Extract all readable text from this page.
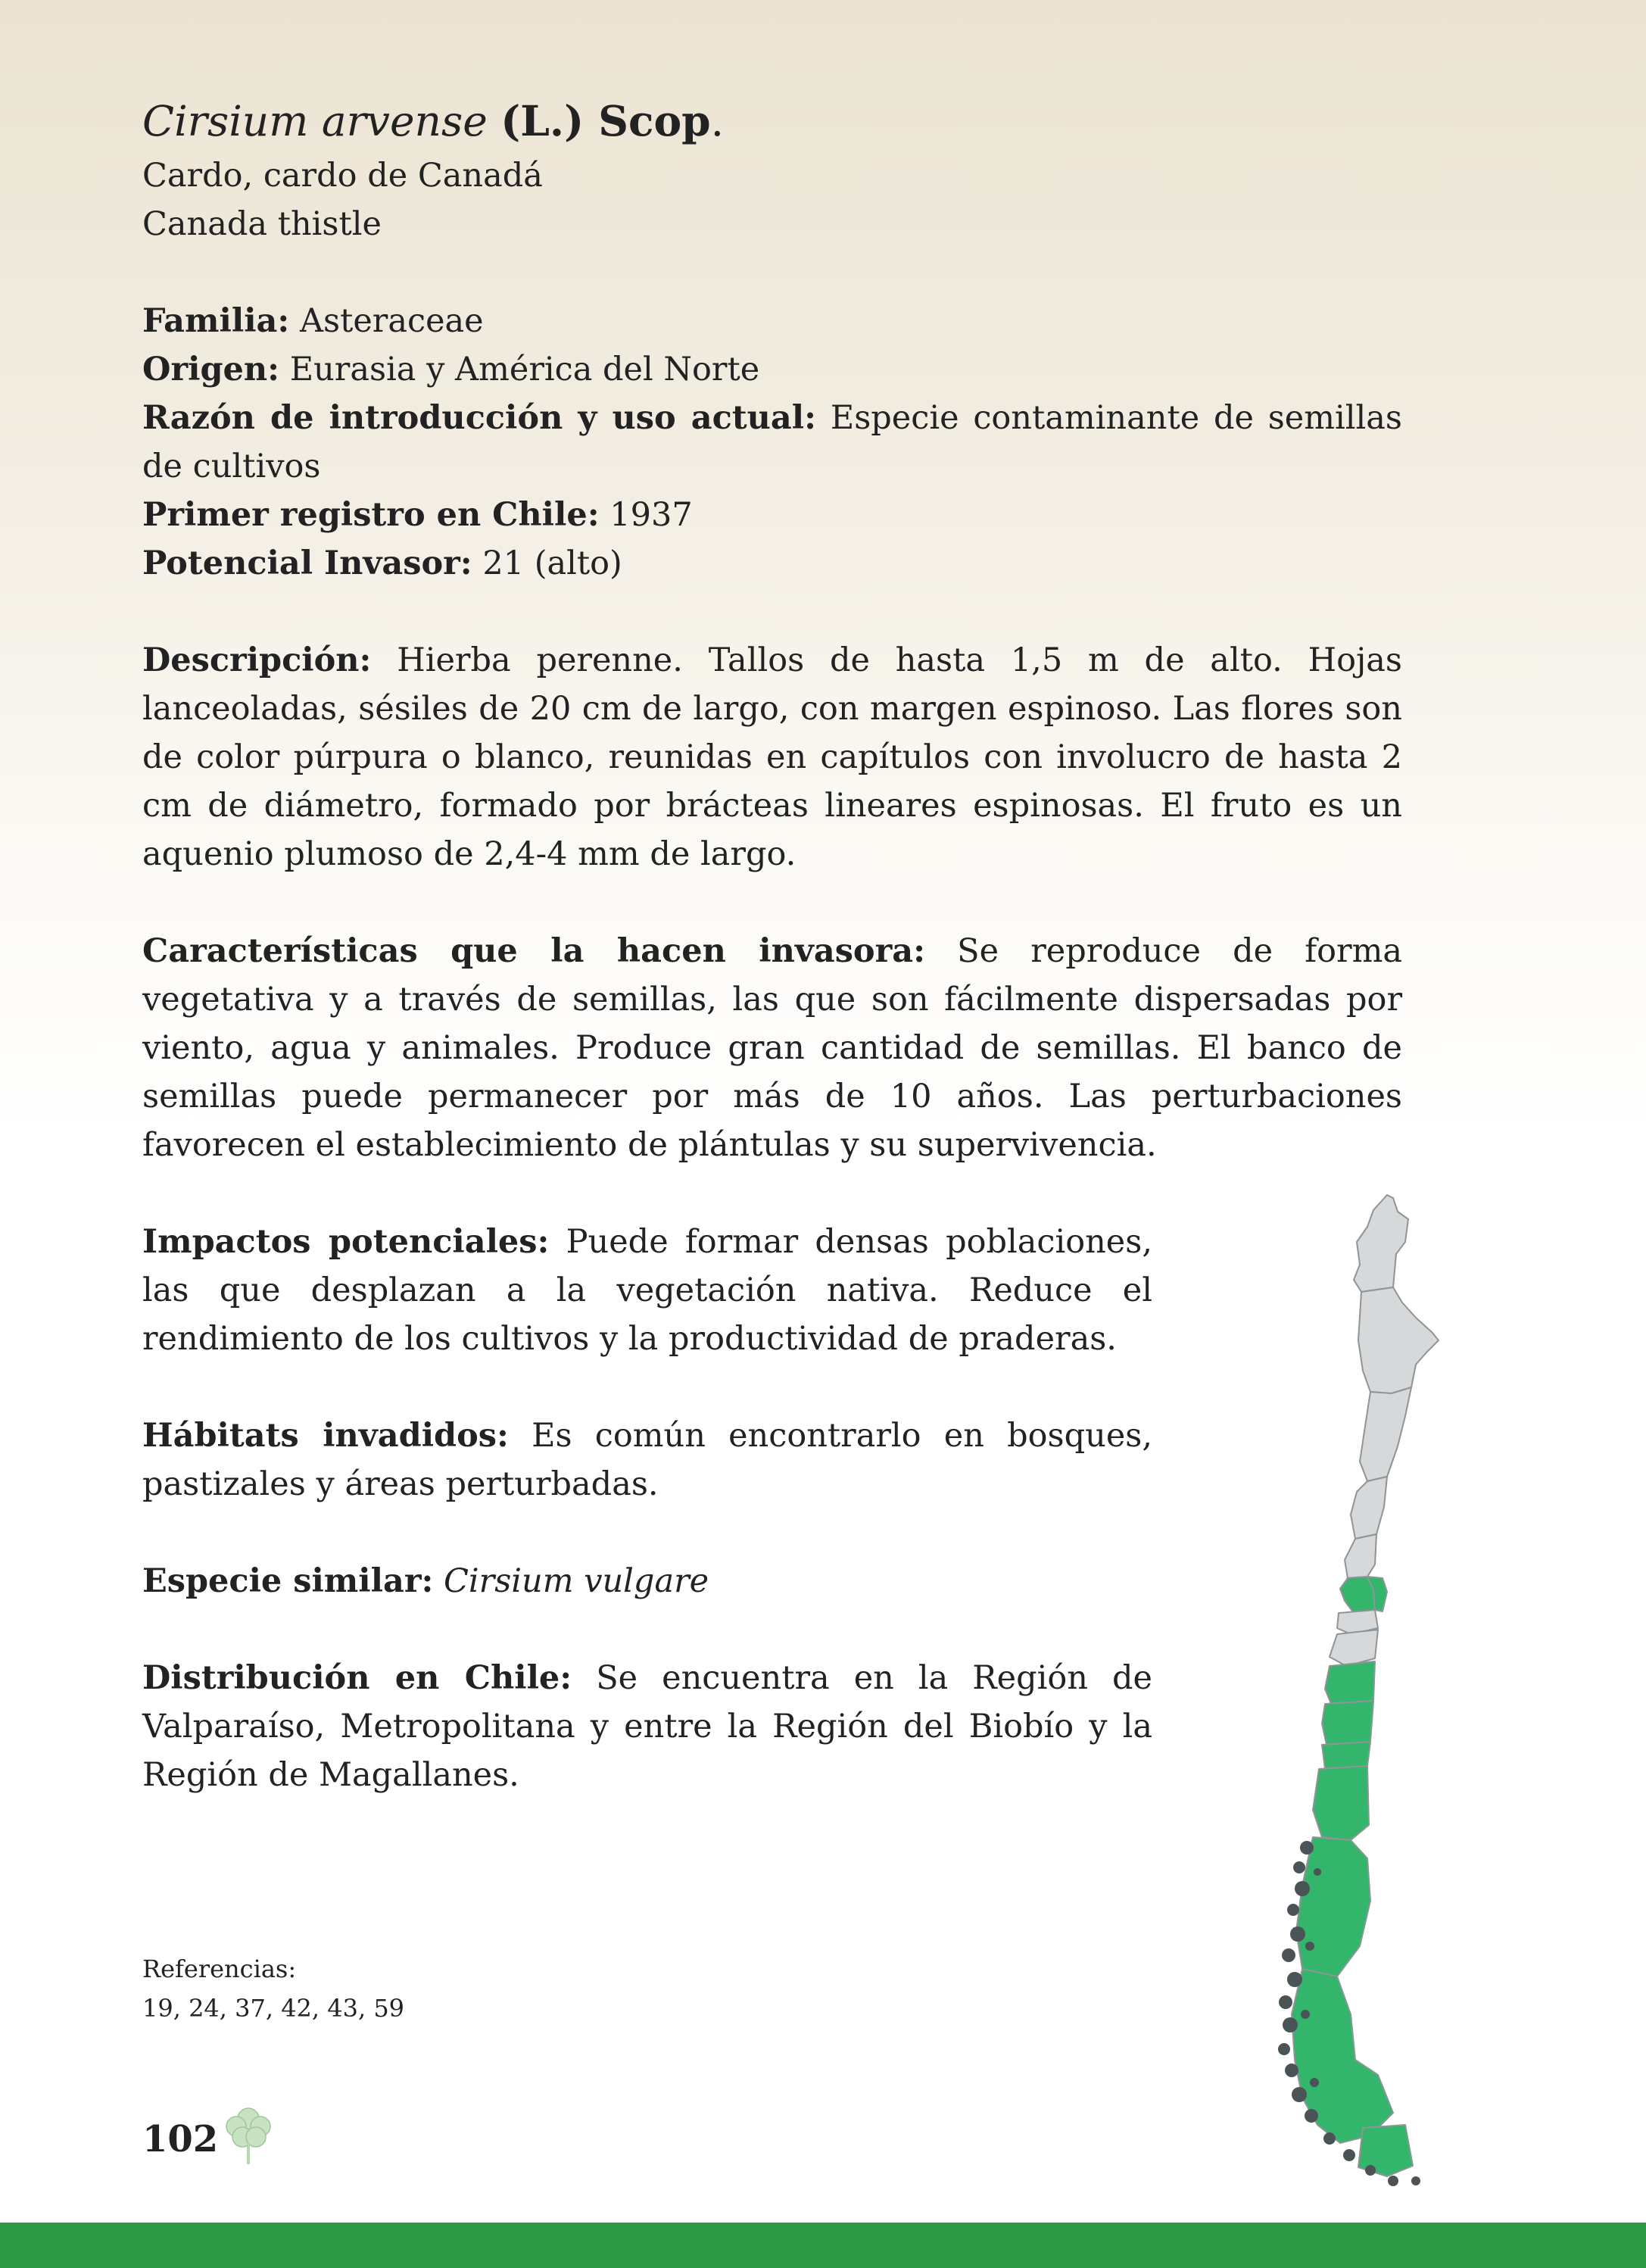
Cirsium arvense (L.) Scop.

Cardo, cardo de Canadá

Canada thistle

Familia: Asteraceae

Origen: Eurasia y América del Norte

Razón de introducción y uso actual: Especie contaminante de semillas de cultivos

Primer registro en Chile: 1937

Potencial Invasor: 21 (alto)

Descripción: Hierba perenne. Tallos de hasta 1,5 m de alto. Hojas lanceoladas, sésiles de 20 cm de largo, con margen espinoso. Las flores son de color púrpura o blanco, reunidas en capítulos con involucro de hasta 2 cm de diámetro, formado por brácteas lineares espinosas. El fruto es un aquenio plumoso de 2,4-4 mm de largo.

Características que la hacen invasora: Se reproduce de forma vegetativa y a través de semillas, las que son fácilmente dispersadas por viento, agua y animales. Produce gran cantidad de semillas. El banco de semillas puede permanecer por más de 10 años. Las perturbaciones favorecen el establecimiento de plántulas y su supervivencia.

Impactos potenciales: Puede formar densas poblaciones, las que desplazan a la vegetación nativa. Reduce el rendimiento de los cultivos y la productividad de praderas.

Hábitats invadidos: Es común encontrarlo en bosques, pastizales y áreas perturbadas.

Especie similar: Cirsium vulgare

Distribución en Chile: Se encuentra en la Región de Valparaíso, Metropolitana y entre la Región del Biobío y la Región de Magallanes.

Referencias:
19, 24, 37, 42, 43, 59
102
